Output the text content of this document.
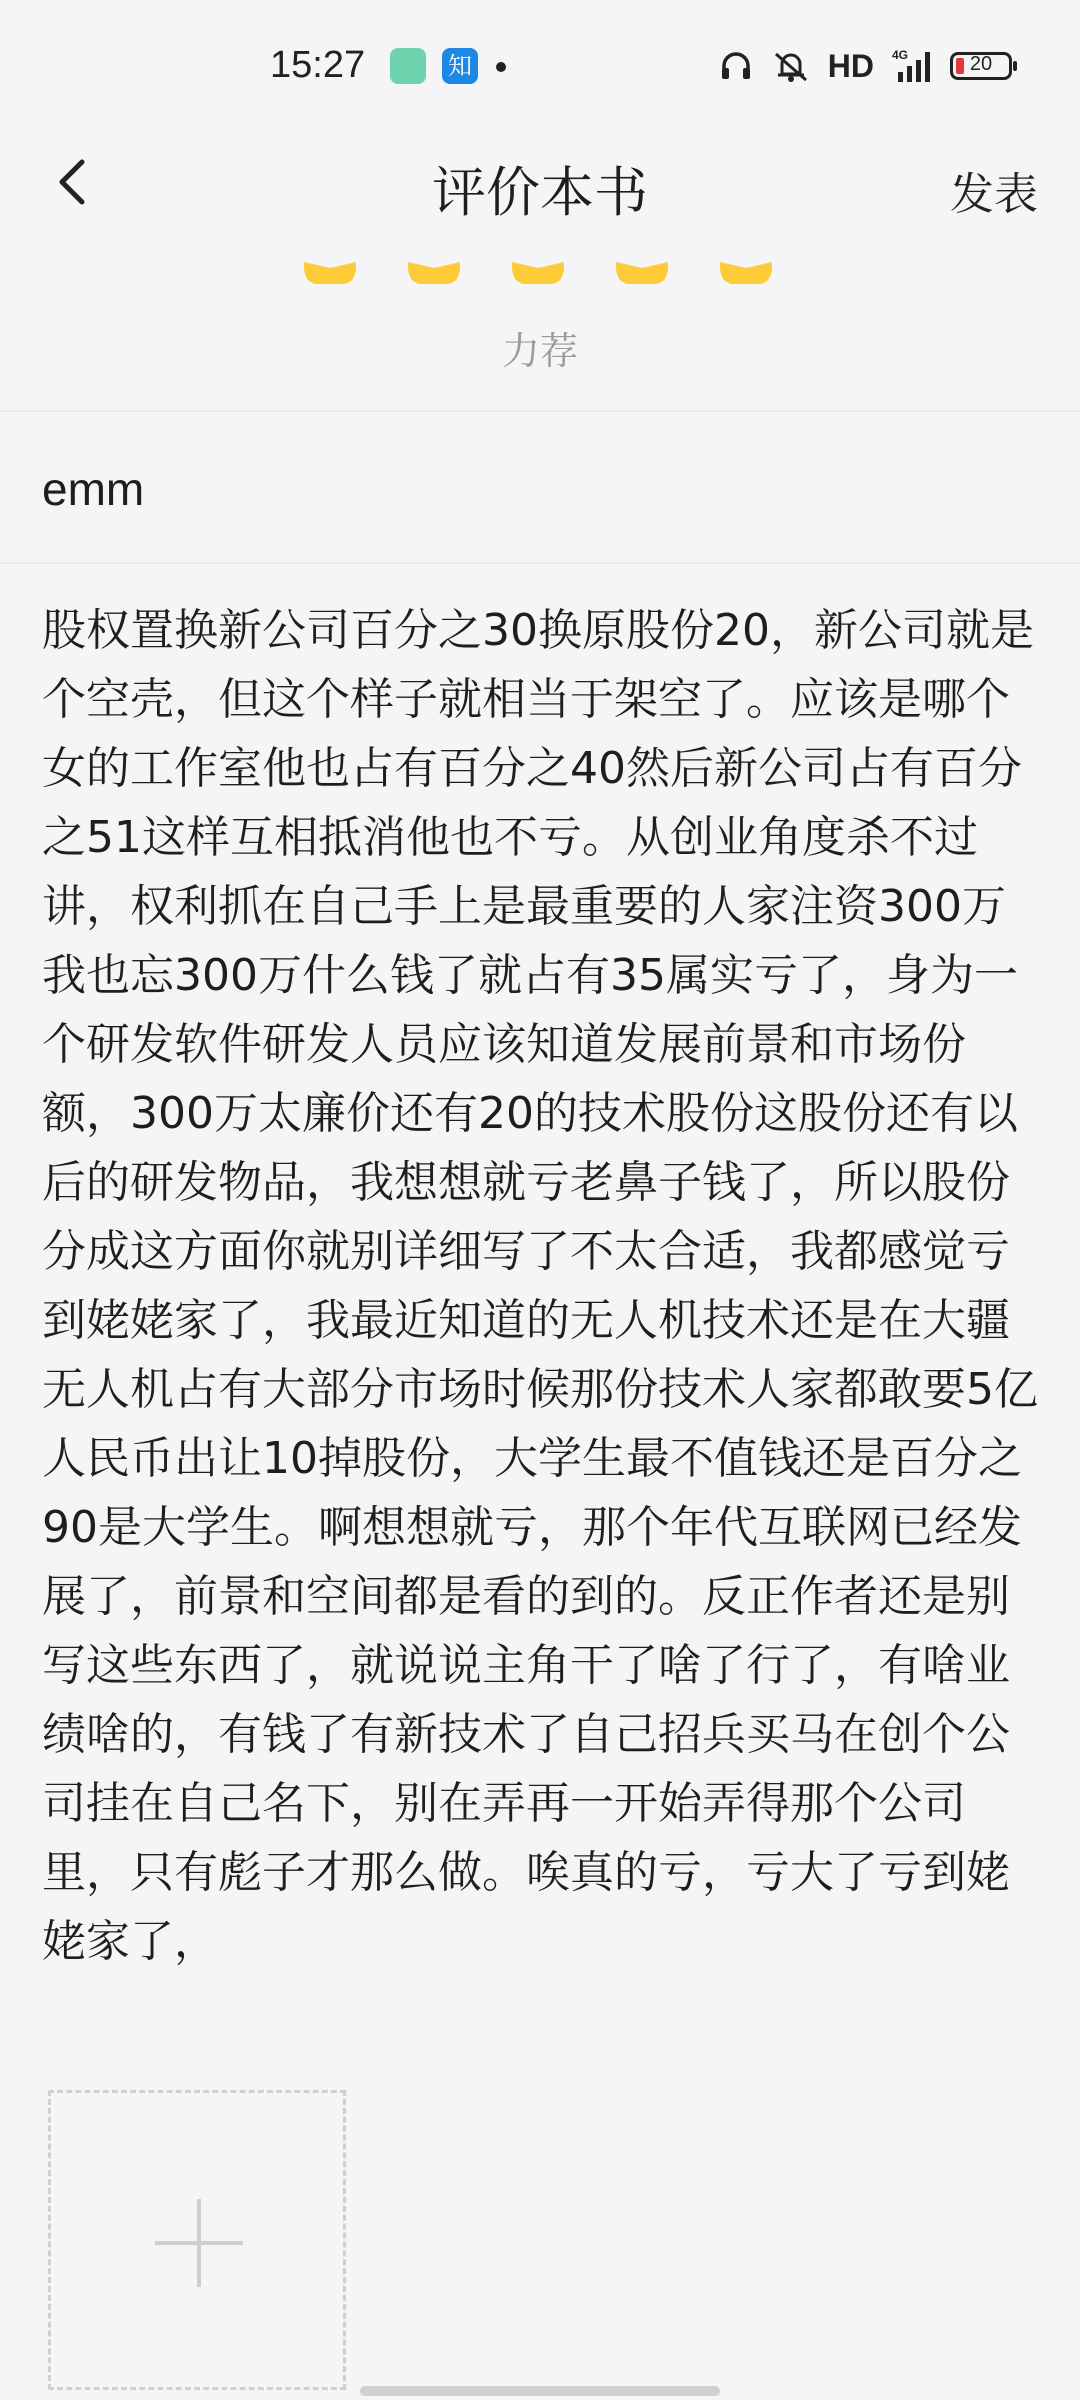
15:27	知	HD 4G	20
评价本书	发表
力荐
emm
股权置换新公司百分之30换原股份20，新公司就是个空壳，但这个样子就相当于架空了。应该是哪个女的工作室他也占有百分之40然后新公司占有百分之51这样互相抵消他也不亏。从创业角度杀不过讲，权利抓在自己手上是最重要的人家注资300万我也忘300万什么钱了就占有35属实亏了，身为一个研发软件研发人员应该知道发展前景和市场份额，300万太廉价还有20的技术股份这股份还有以后的研发物品，我想想就亏老鼻子钱了，所以股份分成这方面你就别详细写了不太合适，我都感觉亏到姥姥家了，我最近知道的无人机技术还是在大疆无人机占有大部分市场时候那份技术人家都敢要5亿人民币出让10掉股份，大学生最不值钱还是百分之90是大学生。啊想想就亏，那个年代互联网已经发展了，前景和空间都是看的到的。反正作者还是别写这些东西了，就说说主角干了啥了行了，有啥业绩啥的，有钱了有新技术了自己招兵买马在创个公司挂在自己名下，别在弄再一开始弄得那个公司里，只有彪子才那么做。唉真的亏，亏大了亏到姥姥家了，
